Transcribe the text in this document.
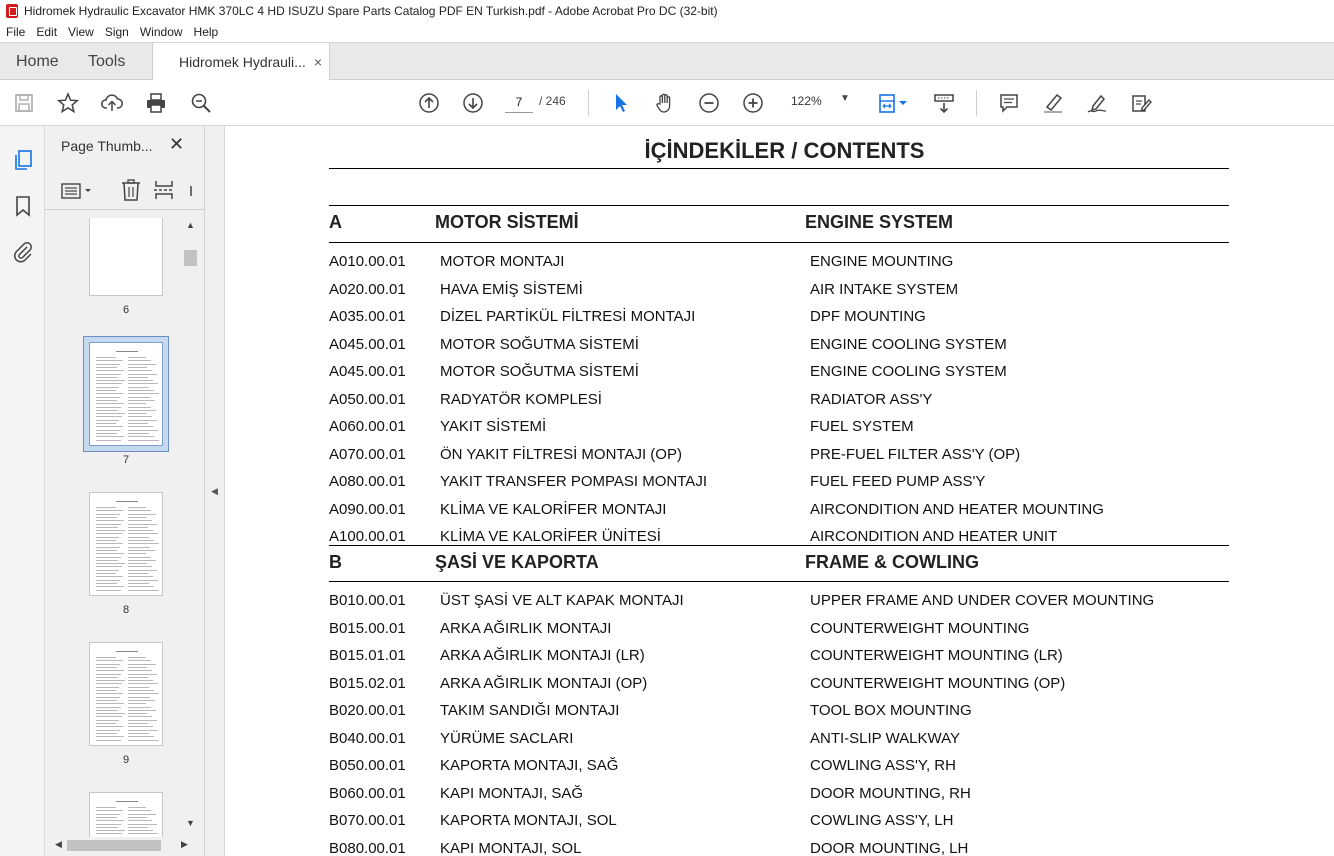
Hidromek Hydraulic Excavator HMK 370LC 4 HD ISUZU Spare Parts Catalog PDF EN Turkish.pdf - Adobe Acrobat Pro DC (32-bit)
File Edit View Sign Window Help
Home Tools	Hidromek Hydrauli... ×
7	/ 246	122% ▼
Page Thumb... ✕
6
7
8
9
▲
▼
◀	▶
◀
İÇİNDEKİLER / CONTENTS
A	MOTOR SİSTEMİ	ENGINE SYSTEM
A010.00.01 MOTOR MONTAJI	ENGINE MOUNTING
A020.00.01 HAVA EMİŞ SİSTEMİ	AIR INTAKE SYSTEM
A035.00.01 DİZEL PARTİKÜL FİLTRESİ MONTAJI	DPF MOUNTING
A045.00.01 MOTOR SOĞUTMA SİSTEMİ	ENGINE COOLING SYSTEM
A045.00.01 MOTOR SOĞUTMA SİSTEMİ	ENGINE COOLING SYSTEM
A050.00.01 RADYATÖR KOMPLESİ	RADIATOR ASS'Y
A060.00.01 YAKIT SİSTEMİ	FUEL SYSTEM
A070.00.01 ÖN YAKIT FİLTRESİ MONTAJI (OP)	PRE-FUEL FILTER ASS'Y (OP)
A080.00.01 YAKIT TRANSFER POMPASI MONTAJI	FUEL FEED PUMP ASS'Y
A090.00.01 KLİMA VE KALORİFER MONTAJI	AIRCONDITION AND HEATER MOUNTING
A100.00.01 KLİMA VE KALORİFER ÜNİTESİ	AIRCONDITION AND HEATER UNIT
B	ŞASİ VE KAPORTA	FRAME & COWLING
B010.00.01 ÜST ŞASİ VE ALT KAPAK MONTAJI	UPPER FRAME AND UNDER COVER MOUNTING
B015.00.01 ARKA AĞIRLIK MONTAJI	COUNTERWEIGHT MOUNTING
B015.01.01 ARKA AĞIRLIK MONTAJI (LR)	COUNTERWEIGHT MOUNTING (LR)
B015.02.01 ARKA AĞIRLIK MONTAJI (OP)	COUNTERWEIGHT MOUNTING (OP)
B020.00.01 TAKIM SANDIĞI MONTAJI	TOOL BOX MOUNTING
B040.00.01 YÜRÜME SACLARI	ANTI-SLIP WALKWAY
B050.00.01 KAPORTA MONTAJI, SAĞ	COWLING ASS'Y, RH
B060.00.01 KAPI MONTAJI, SAĞ	DOOR MOUNTING, RH
B070.00.01 KAPORTA MONTAJI, SOL	COWLING ASS'Y, LH
B080.00.01 KAPI MONTAJI, SOL	DOOR MOUNTING, LH
